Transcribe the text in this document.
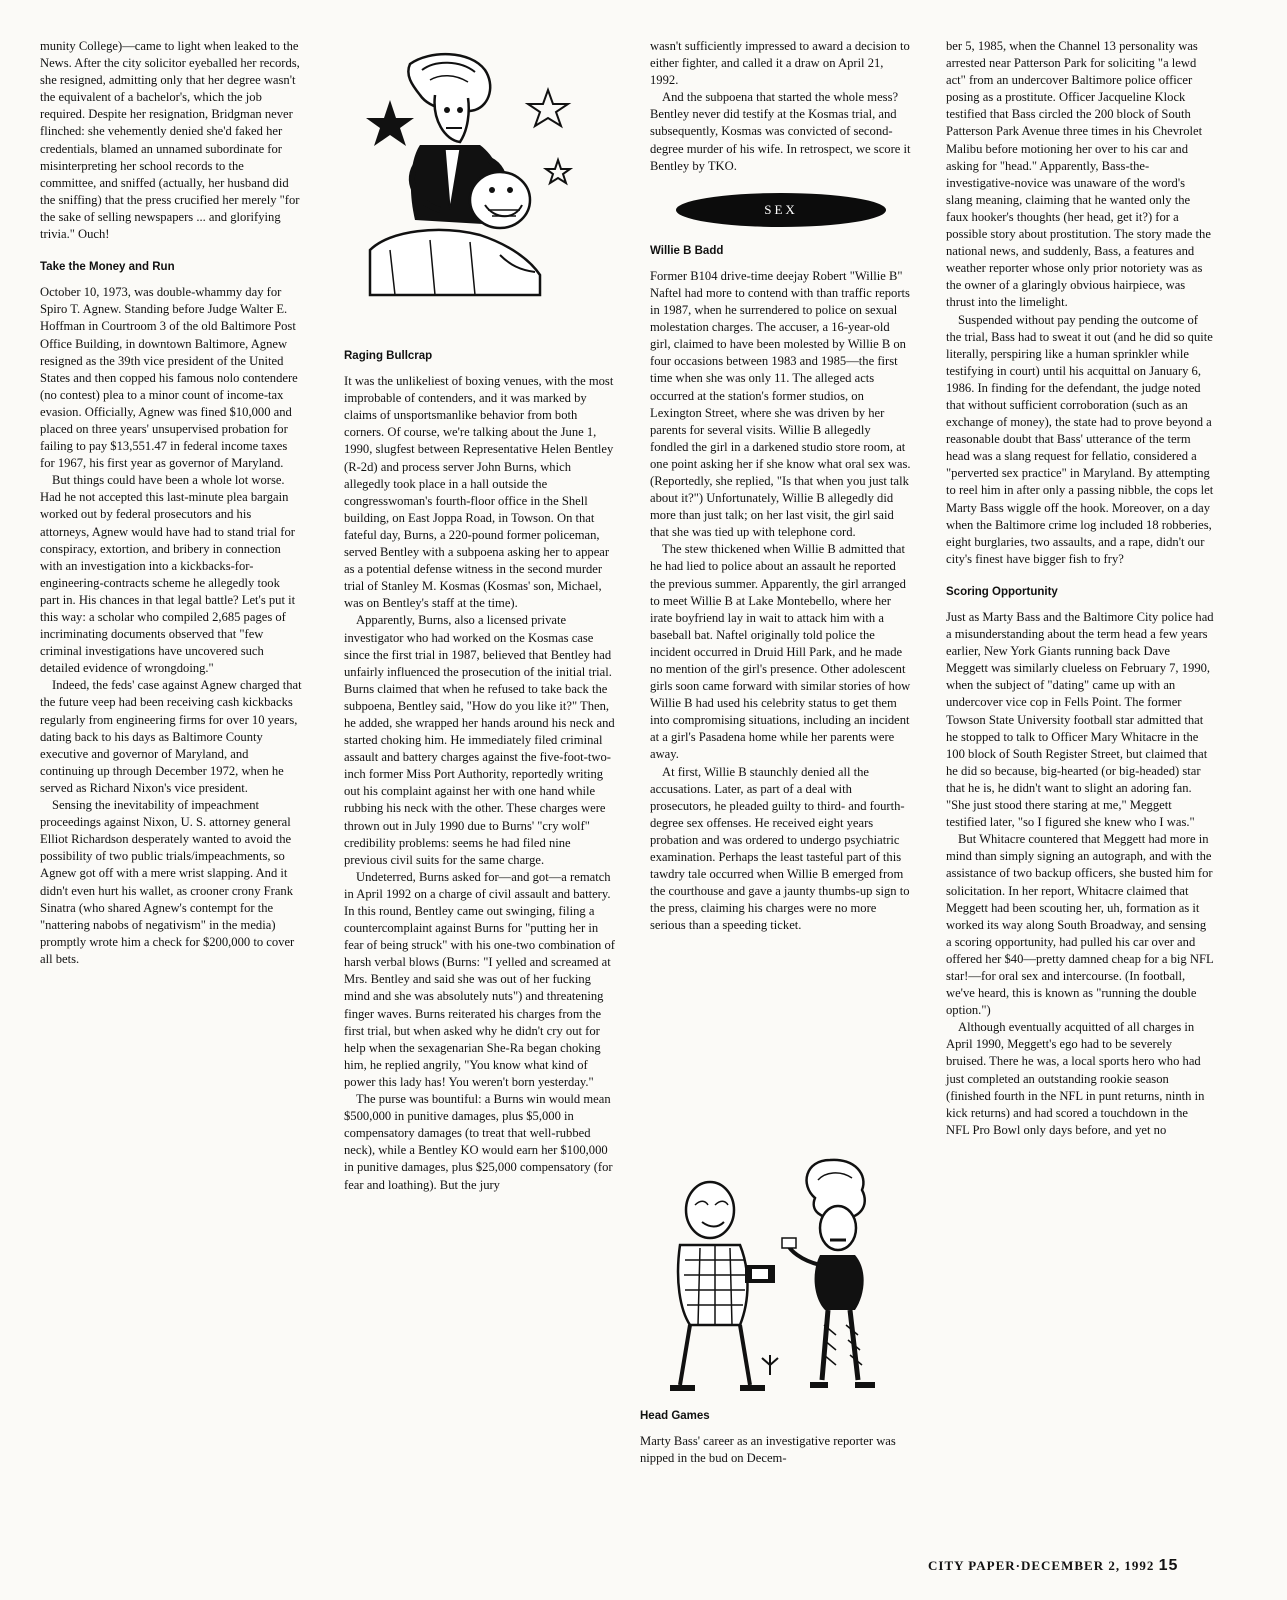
munity College)—came to light when leaked to the News. After the city solicitor eyeballed her records, she resigned, admitting only that her degree wasn't the equivalent of a bachelor's, which the job required. Despite her resignation, Bridgman never flinched: she vehemently denied she'd faked her credentials, blamed an unnamed subordinate for misinterpreting her school records to the committee, and sniffed (actually, her husband did the sniffing) that the press crucified her merely "for the sake of selling newspapers ... and glorifying trivia." Ouch!

Take the Money and Run

October 10, 1973, was double-whammy day for Spiro T. Agnew. Standing before Judge Walter E. Hoffman in Courtroom 3 of the old Baltimore Post Office Building, in downtown Baltimore, Agnew resigned as the 39th vice president of the United States and then copped his famous nolo contendere (no contest) plea to a minor count of income-tax evasion. Officially, Agnew was fined $10,000 and placed on three years' unsupervised probation for failing to pay $13,551.47 in federal income taxes for 1967, his first year as governor of Maryland.

But things could have been a whole lot worse. Had he not accepted this last-minute plea bargain worked out by federal prosecutors and his attorneys, Agnew would have had to stand trial for conspiracy, extortion, and bribery in connection with an investigation into a kickbacks-for-engineering-contracts scheme he allegedly took part in. His chances in that legal battle? Let's put it this way: a scholar who compiled 2,685 pages of incriminating documents observed that "few criminal investigations have uncovered such detailed evidence of wrongdoing."

Indeed, the feds' case against Agnew charged that the future veep had been receiving cash kickbacks regularly from engineering firms for over 10 years, dating back to his days as Baltimore County executive and governor of Maryland, and continuing up through December 1972, when he served as Richard Nixon's vice president.

Sensing the inevitability of impeachment proceedings against Nixon, U. S. attorney general Elliot Richardson desperately wanted to avoid the possibility of two public trials/impeachments, so Agnew got off with a mere wrist slapping. And it didn't even hurt his wallet, as crooner crony Frank Sinatra (who shared Agnew's contempt for the "nattering nabobs of negativism" in the media) promptly wrote him a check for $200,000 to cover all bets.

Raging Bullcrap

It was the unlikeliest of boxing venues, with the most improbable of contenders, and it was marked by claims of unsportsmanlike behavior from both corners. Of course, we're talking about the June 1, 1990, slugfest between Representative Helen Bentley (R-2d) and process server John Burns, which allegedly took place in a hall outside the congresswoman's fourth-floor office in the Shell building, on East Joppa Road, in Towson. On that fateful day, Burns, a 220-pound former policeman, served Bentley with a subpoena asking her to appear as a potential defense witness in the second murder trial of Stanley M. Kosmas (Kosmas' son, Michael, was on Bentley's staff at the time).

Apparently, Burns, also a licensed private investigator who had worked on the Kosmas case since the first trial in 1987, believed that Bentley had unfairly influenced the prosecution of the initial trial. Burns claimed that when he refused to take back the subpoena, Bentley said, "How do you like it?" Then, he added, she wrapped her hands around his neck and started choking him. He immediately filed criminal assault and battery charges against the five-foot-two-inch former Miss Port Authority, reportedly writing out his complaint against her with one hand while rubbing his neck with the other. These charges were thrown out in July 1990 due to Burns' "cry wolf" credibility problems: seems he had filed nine previous civil suits for the same charge.

Undeterred, Burns asked for—and got—a rematch in April 1992 on a charge of civil assault and battery. In this round, Bentley came out swinging, filing a countercomplaint against Burns for "putting her in fear of being struck" with his one-two combination of harsh verbal blows (Burns: "I yelled and screamed at Mrs. Bentley and said she was out of her fucking mind and she was absolutely nuts") and threatening finger waves. Burns reiterated his charges from the first trial, but when asked why he didn't cry out for help when the sexagenarian She-Ra began choking him, he replied angrily, "You know what kind of power this lady has! You weren't born yesterday."

The purse was bountiful: a Burns win would mean $500,000 in punitive damages, plus $5,000 in compensatory damages (to treat that well-rubbed neck), while a Bentley KO would earn her $100,000 in punitive damages, plus $25,000 compensatory (for fear and loathing). But the jury

wasn't sufficiently impressed to award a decision to either fighter, and called it a draw on April 21, 1992.

And the subpoena that started the whole mess? Bentley never did testify at the Kosmas trial, and subsequently, Kosmas was convicted of second-degree murder of his wife. In retrospect, we score it Bentley by TKO.

SEX
Willie B Badd

Former B104 drive-time deejay Robert "Willie B" Naftel had more to contend with than traffic reports in 1987, when he surrendered to police on sexual molestation charges. The accuser, a 16-year-old girl, claimed to have been molested by Willie B on four occasions between 1983 and 1985—the first time when she was only 11. The alleged acts occurred at the station's former studios, on Lexington Street, where she was driven by her parents for several visits. Willie B allegedly fondled the girl in a darkened studio store room, at one point asking her if she know what oral sex was. (Reportedly, she replied, "Is that when you just talk about it?") Unfortunately, Willie B allegedly did more than just talk; on her last visit, the girl said that she was tied up with telephone cord.

The stew thickened when Willie B admitted that he had lied to police about an assault he reported the previous summer. Apparently, the girl arranged to meet Willie B at Lake Montebello, where her irate boyfriend lay in wait to attack him with a baseball bat. Naftel originally told police the incident occurred in Druid Hill Park, and he made no mention of the girl's presence. Other adolescent girls soon came forward with similar stories of how Willie B had used his celebrity status to get them into compromising situations, including an incident at a girl's Pasadena home while her parents were away.

At first, Willie B staunchly denied all the accusations. Later, as part of a deal with prosecutors, he pleaded guilty to third- and fourth-degree sex offenses. He received eight years probation and was ordered to undergo psychiatric examination. Perhaps the least tasteful part of this tawdry tale occurred when Willie B emerged from the courthouse and gave a jaunty thumbs-up sign to the press, claiming his charges were no more serious than a speeding ticket.

Head Games

Marty Bass' career as an investigative reporter was nipped in the bud on Decem-

ber 5, 1985, when the Channel 13 personality was arrested near Patterson Park for soliciting "a lewd act" from an undercover Baltimore police officer posing as a prostitute. Officer Jacqueline Klock testified that Bass circled the 200 block of South Patterson Park Avenue three times in his Chevrolet Malibu before motioning her over to his car and asking for "head." Apparently, Bass-the-investigative-novice was unaware of the word's slang meaning, claiming that he wanted only the faux hooker's thoughts (her head, get it?) for a possible story about prostitution. The story made the national news, and suddenly, Bass, a features and weather reporter whose only prior notoriety was as the owner of a glaringly obvious hairpiece, was thrust into the limelight.

Suspended without pay pending the outcome of the trial, Bass had to sweat it out (and he did so quite literally, perspiring like a human sprinkler while testifying in court) until his acquittal on January 6, 1986. In finding for the defendant, the judge noted that without sufficient corroboration (such as an exchange of money), the state had to prove beyond a reasonable doubt that Bass' utterance of the term head was a slang request for fellatio, considered a "perverted sex practice" in Maryland. By attempting to reel him in after only a passing nibble, the cops let Marty Bass wiggle off the hook. Moreover, on a day when the Baltimore crime log included 18 robberies, eight burglaries, two assaults, and a rape, didn't our city's finest have bigger fish to fry?

Scoring Opportunity

Just as Marty Bass and the Baltimore City police had a misunderstanding about the term head a few years earlier, New York Giants running back Dave Meggett was similarly clueless on February 7, 1990, when the subject of "dating" came up with an undercover vice cop in Fells Point. The former Towson State University football star admitted that he stopped to talk to Officer Mary Whitacre in the 100 block of South Register Street, but claimed that he did so because, big-hearted (or big-headed) star that he is, he didn't want to slight an adoring fan. "She just stood there staring at me," Meggett testified later, "so I figured she knew who I was."

But Whitacre countered that Meggett had more in mind than simply signing an autograph, and with the assistance of two backup officers, she busted him for solicitation. In her report, Whitacre claimed that Meggett had been scouting her, uh, formation as it worked its way along South Broadway, and sensing a scoring opportunity, had pulled his car over and offered her $40—pretty damned cheap for a big NFL star!—for oral sex and intercourse. (In football, we've heard, this is known as "running the double option.")

Although eventually acquitted of all charges in April 1990, Meggett's ego had to be severely bruised. There he was, a local sports hero who had just completed an outstanding rookie season (finished fourth in the NFL in punt returns, ninth in kick returns) and had scored a touchdown in the NFL Pro Bowl only days before, and yet no

CITY PAPER·DECEMBER 2, 1992 15
